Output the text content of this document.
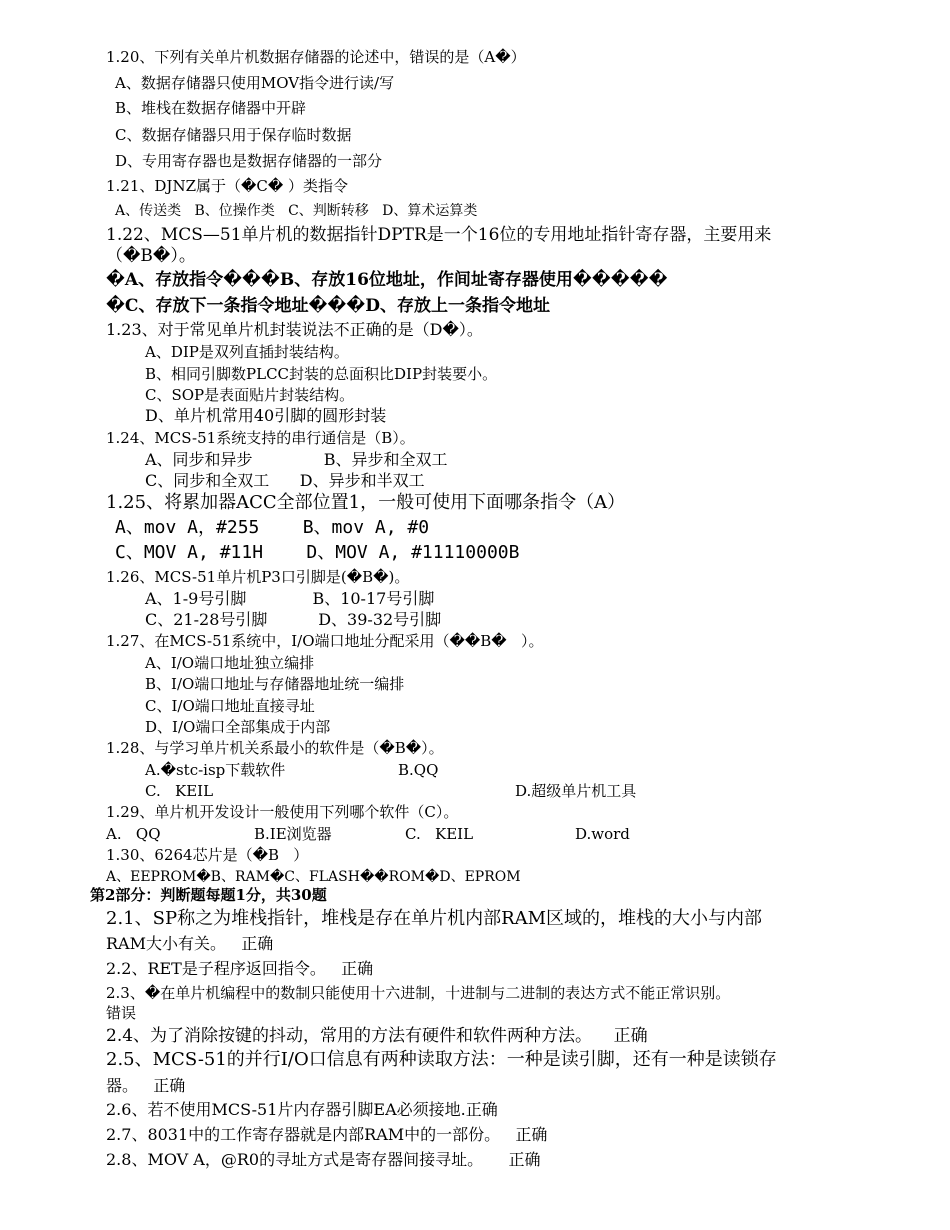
1.20、下列有关单片机数据存储器的论述中，错误的是（A�）
A、数据存储器只使用MOV指令进行读/写
B、堆栈在数据存储器中开辟
C、数据存储器只用于保存临时数据
D、专用寄存器也是数据存储器的一部分
1.21、DJNZ属于（�C� ）类指令
A、传送类   B、位操作类   C、判断转移   D、算术运算类
1.22、MCS—51单片机的数据指针DPTR是一个16位的专用地址指针寄存器，主要用来
（�B�）。
�A、存放指令���B、存放16位地址，作间址寄存器使用�����
�C、存放下一条指令地址���D、存放上一条指令地址
1.23、对于常见单片机封装说法不正确的是（D�）。
A、DIP是双列直插封装结构。
B、相同引脚数PLCC封装的总面积比DIP封装要小。
C、SOP是表面贴片封装结构。
D、单片机常用40引脚的圆形封装
1.24、MCS-51系统支持的串行通信是（B）。
A、同步和异步              B、异步和全双工
C、同步和全双工      D、异步和半双工
1.25、将累加器ACC全部位置1，一般可使用下面哪条指令（A）
A、mov A，#255    B、mov A, #0
C、MOV A, #11H    D、MOV A, #11110000B
1.26、MCS-51单片机P3口引脚是(�B�)。
A、1-9号引脚             B、10-17号引脚
C、21-28号引脚          D、39-32号引脚
1.27、在MCS-51系统中，I/O端口地址分配采用（��B�   ）。
A、I/O端口地址独立编排
B、I/O端口地址与存储器地址统一编排
C、I/O端口地址直接寻址
D、I/O端口全部集成于内部
1.28、与学习单片机关系最小的软件是（�B�）。
A.�stc-isp下载软件	B.QQ
C.   KEIL	D.超级单片机工具
1.29、单片机开发设计一般使用下列哪个软件（C）。
A.   QQ	B.IE浏览器	C.   KEIL	D.word
1.30、6264芯片是（�B   ）
A、EEPROM�B、RAM�C、FLASH��ROM�D、EPROM
第2部分：判断题每题1分，共30题
2.1、SP称之为堆栈指针，堆栈是存在单片机内部RAM区域的，堆栈的大小与内部
RAM大小有关。   正确
2.2、RET是子程序返回指令。   正确
2.3、�在单片机编程中的数制只能使用十六进制，十进制与二进制的表达方式不能正常识别。
错误
2.4、为了消除按键的抖动，常用的方法有硬件和软件两种方法。    正确
2.5、MCS-51的并行I/O口信息有两种读取方法：一种是读引脚，还有一种是读锁存
器。   正确
2.6、若不使用MCS-51片内存器引脚EA必须接地.正确
2.7、8031中的工作寄存器就是内部RAM中的一部份。   正确
2.8、MOV A，@R0的寻址方式是寄存器间接寻址。     正确
